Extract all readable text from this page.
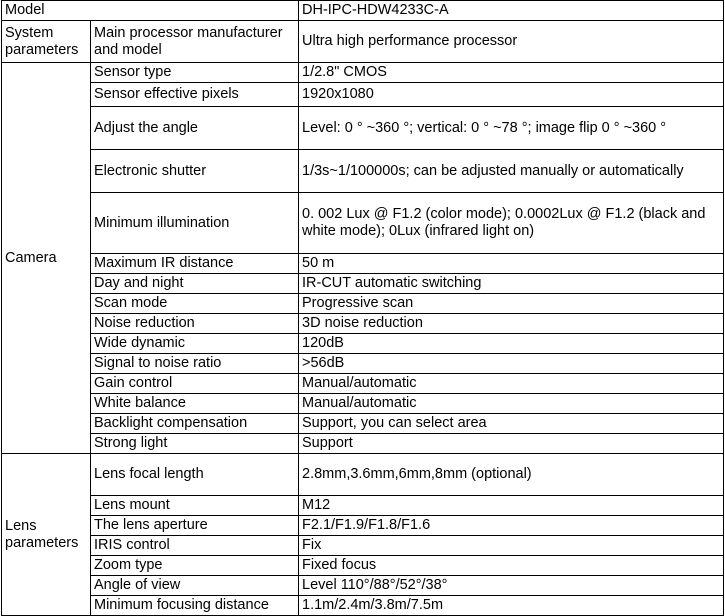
Model		DH-IPC-HDW4233C-A
System parameters	Main processor manufacturer and model	Ultra high performance processor
Camera	Sensor type	1/2.8" CMOS
	Sensor effective pixels	1920x1080
	Adjust the angle	Level: 0 ° ~360 °; vertical: 0 ° ~78 °; image flip 0 ° ~360 °
	Electronic shutter	1/3s~1/100000s; can be adjusted manually or automatically
	Minimum illumination	0. 002 Lux @ F1.2 (color mode); 0.0002Lux @ F1.2 (black and white mode); 0Lux (infrared light on)
	Maximum IR distance	50 m
	Day and night	IR-CUT automatic switching
	Scan mode	Progressive scan
	Noise reduction	3D noise reduction
	Wide dynamic	120dB
	Signal to noise ratio	>56dB
	Gain control	Manual/automatic
	White balance	Manual/automatic
	Backlight compensation	Support, you can select area
	Strong light	Support
Lens parameters	Lens focal length	2.8mm,3.6mm,6mm,8mm (optional)
	Lens mount	M12
	The lens aperture	F2.1/F1.9/F1.8/F1.6
	IRIS control	Fix
	Zoom type	Fixed focus
	Angle of view	Level 110°/88°/52°/38°
	Minimum focusing distance	1.1m/2.4m/3.8m/7.5m
